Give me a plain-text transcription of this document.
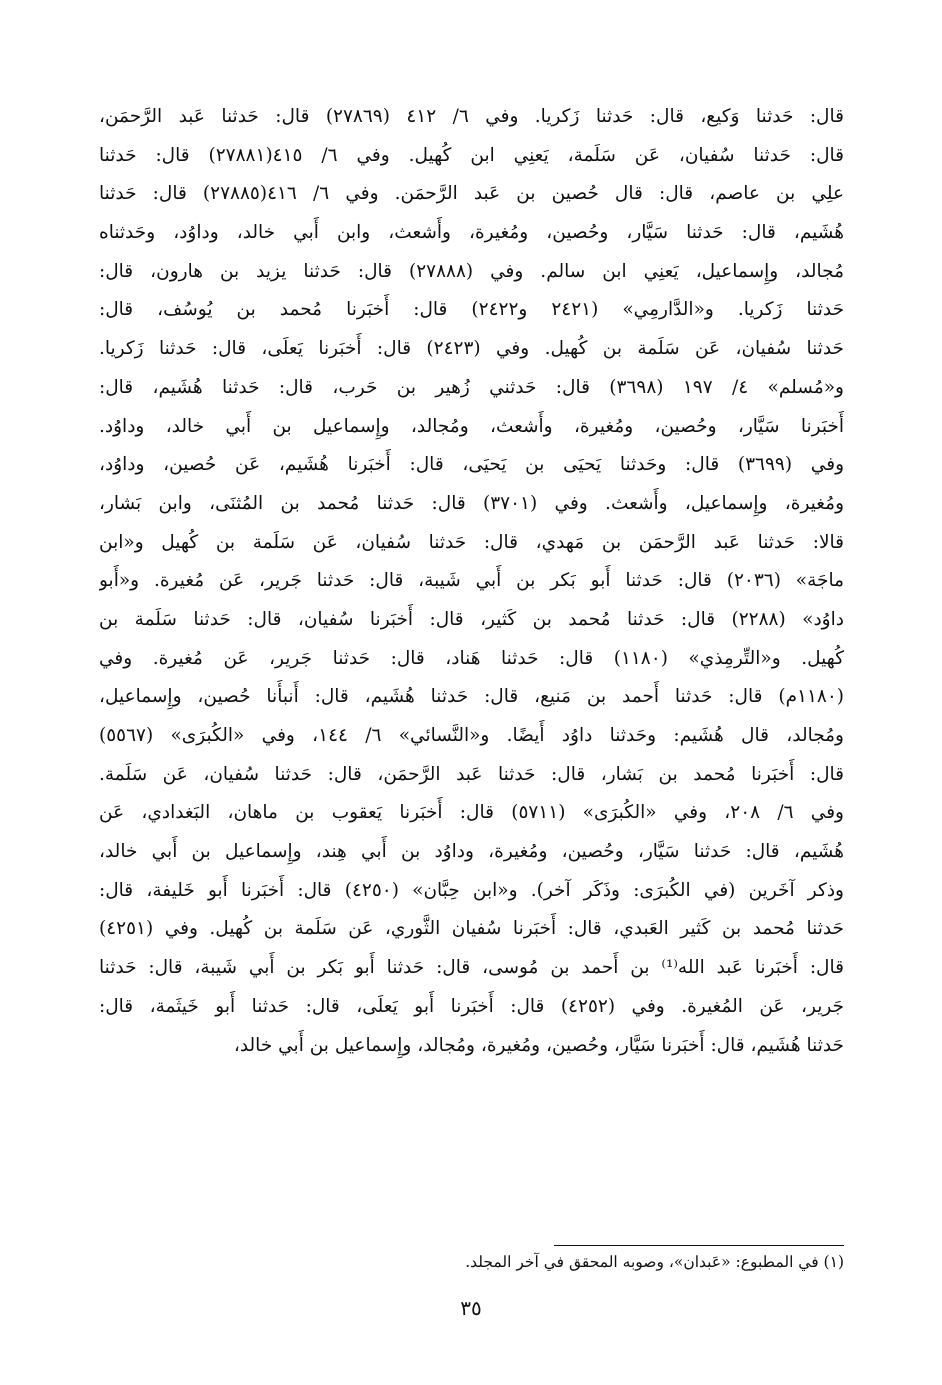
قال: حَدثنا وَكيع، قال: حَدثنا زَكريا. وفي ٦/ ٤١٢ (٢٧٨٦٩) قال: حَدثنا عَبد الرَّحمَن،
قال: حَدثنا سُفيان، عَن سَلَمة، يَعنِي ابن كُهيل. وفي ٦/ ٤١٥(٢٧٨٨١) قال: حَدثنا
علِي بن عاصم، قال: قال حُصين بن عَبد الرَّحمَن. وفي ٦/ ٤١٦(٢٧٨٨٥) قال: حَدثنا
هُشَيم، قال: حَدثنا سَيَّار، وحُصين، ومُغيرة، وأَشعث، وابن أَبي خالد، وداوُد، وحَدثناه
مُجالد، وإِسماعيل، يَعنِي ابن سالم. وفي (٢٧٨٨٨) قال: حَدثنا يزيد بن هارون، قال:
حَدثنا زَكريا. و«الدَّارمِي» (٢٤٢١ و٢٤٢٢) قال: أَخبَرنا مُحمد بن يُوسُف، قال:
حَدثنا سُفيان، عَن سَلَمة بن كُهيل. وفي (٢٤٢٣) قال: أَخبَرنا يَعلَى، قال: حَدثنا زَكريا.
و«مُسلم» ٤/ ١٩٧ (٣٦٩٨) قال: حَدثني زُهير بن حَرب، قال: حَدثنا هُشَيم، قال:
أَخبَرنا سَيَّار، وحُصين، ومُغيرة، وأَشعث، ومُجالد، وإِسماعيل بن أَبي خالد، وداوُد.
وفي (٣٦٩٩) قال: وحَدثنا يَحيَى بن يَحيَى، قال: أَخبَرنا هُشَيم، عَن حُصين، وداوُد،
ومُغيرة، وإِسماعيل، وأَشعث. وفي (٣٧٠١) قال: حَدثنا مُحمد بن المُثنَى، وابن بَشار،
قالا: حَدثنا عَبد الرَّحمَن بن مَهدي، قال: حَدثنا سُفيان، عَن سَلَمة بن كُهيل و«ابن
ماجَة» (٢٠٣٦) قال: حَدثنا أَبو بَكر بن أَبي شَيبة، قال: حَدثنا جَرير، عَن مُغيرة. و«أَبو
داوُد» (٢٢٨٨) قال: حَدثنا مُحمد بن كَثير، قال: أَخبَرنا سُفيان، قال: حَدثنا سَلَمة بن
كُهيل. و«التِّرمِذي» (١١٨٠) قال: حَدثنا هَناد، قال: حَدثنا جَرير، عَن مُغيرة. وفي
(١١٨٠م) قال: حَدثنا أَحمد بن مَنيع، قال: حَدثنا هُشَيم، قال: أَنبأَنا حُصين، وإِسماعيل،
ومُجالد، قال هُشَيم: وحَدثنا داوُد أَيضًا. و«النَّسائي» ٦/ ١٤٤، وفي «الكُبرَى» (٥٥٦٧)
قال: أَخبَرنا مُحمد بن بَشار، قال: حَدثنا عَبد الرَّحمَن، قال: حَدثنا سُفيان، عَن سَلَمة.
وفي ٦/ ٢٠٨، وفي «الكُبرَى» (٥٧١١) قال: أَخبَرنا يَعقوب بن ماهان، البَغدادي، عَن
هُشَيم، قال: حَدثنا سَيَّار، وحُصين، ومُغيرة، وداوُد بن أَبي هِند، وإِسماعيل بن أَبي خالد،
وذكر آخَرين (في الكُبرَى: وذَكَر آخر). و«ابن حِبَّان» (٤٢٥٠) قال: أَخبَرنا أَبو خَليفة، قال:
حَدثنا مُحمد بن كَثير العَبدي، قال: أَخبَرنا سُفيان الثَّوري، عَن سَلَمة بن كُهيل. وفي (٤٢٥١)
قال: أَخبَرنا عَبد الله⁽¹⁾ بن أَحمد بن مُوسى، قال: حَدثنا أَبو بَكر بن أَبي شَيبة، قال: حَدثنا
جَرير، عَن المُغيرة. وفي (٤٢٥٢) قال: أَخبَرنا أَبو يَعلَى، قال: حَدثنا أَبو خَيثَمة، قال:
حَدثنا هُشَيم، قال: أَخبَرنا سَيَّار، وحُصين، ومُغيرة، ومُجالد، وإِسماعيل بن أَبي خالد،
(١) في المطبوع: «عَبدان»، وصوبه المحقق في آخر المجلد.
٣٥
